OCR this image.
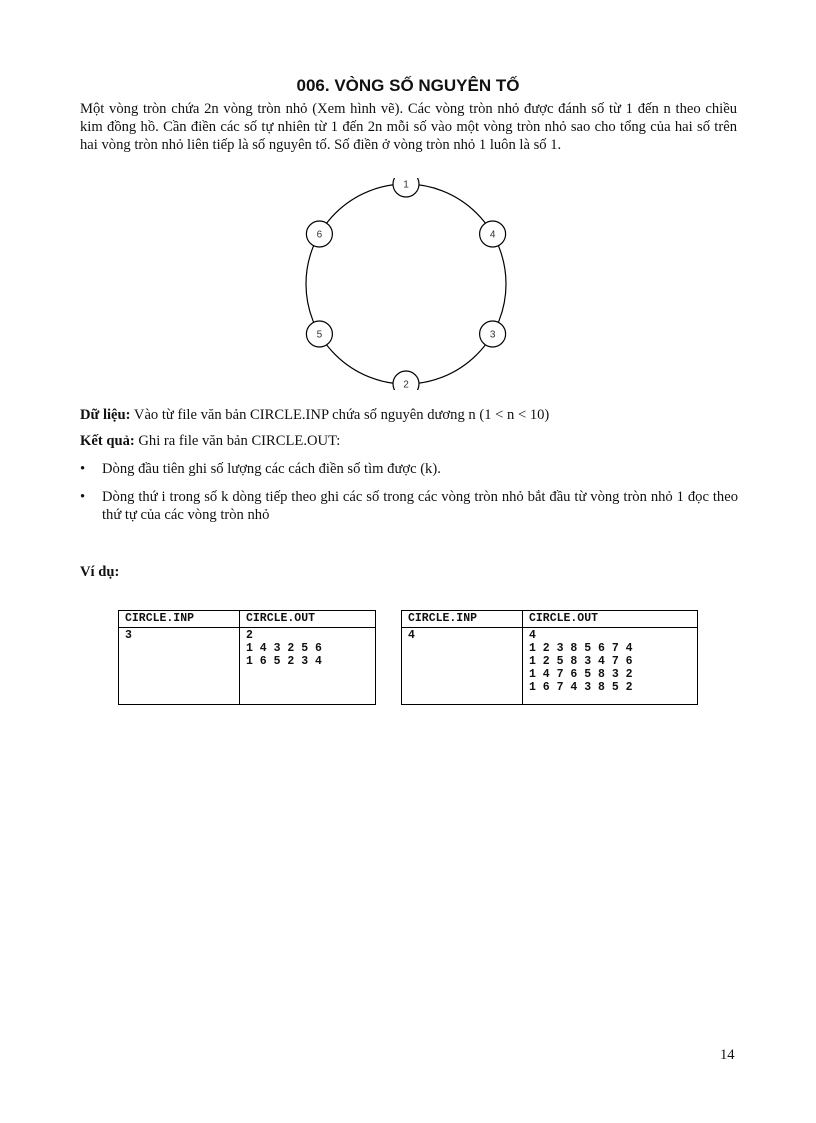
006. VÒNG SỐ NGUYÊN TỐ

Một vòng tròn chứa 2n vòng tròn nhỏ (Xem hình vẽ). Các vòng tròn nhỏ được đánh số từ 1 đến n theo chiều kim đồng hồ. Cần điền các số tự nhiên từ 1 đến 2n mỗi số vào một vòng tròn nhỏ sao cho tổng của hai số trên hai vòng tròn nhỏ liên tiếp là số nguyên tố. Số điền ở vòng tròn nhỏ 1 luôn là số 1.

1
4
3
2
5
6

Dữ liệu: Vào từ file văn bản CIRCLE.INP chứa số nguyên dương n (1 < n < 10)

Kết quả: Ghi ra file văn bản CIRCLE.OUT:

• Dòng đầu tiên ghi số lượng các cách điền số tìm được (k).
• Dòng thứ i trong số k dòng tiếp theo ghi các số trong các vòng tròn nhỏ bắt đầu từ vòng tròn nhỏ 1 đọc theo thứ tự của các vòng tròn nhỏ

Ví dụ:

CIRCLE.INP	CIRCLE.OUT

3	2
1 4 3 2 5 6
1 6 5 2 3 4
CIRCLE.INP	CIRCLE.OUT

4	4
1 2 3 8 5 6 7 4
1 2 5 8 3 4 7 6
1 4 7 6 5 8 3 2
1 6 7 4 3 8 5 2

14
